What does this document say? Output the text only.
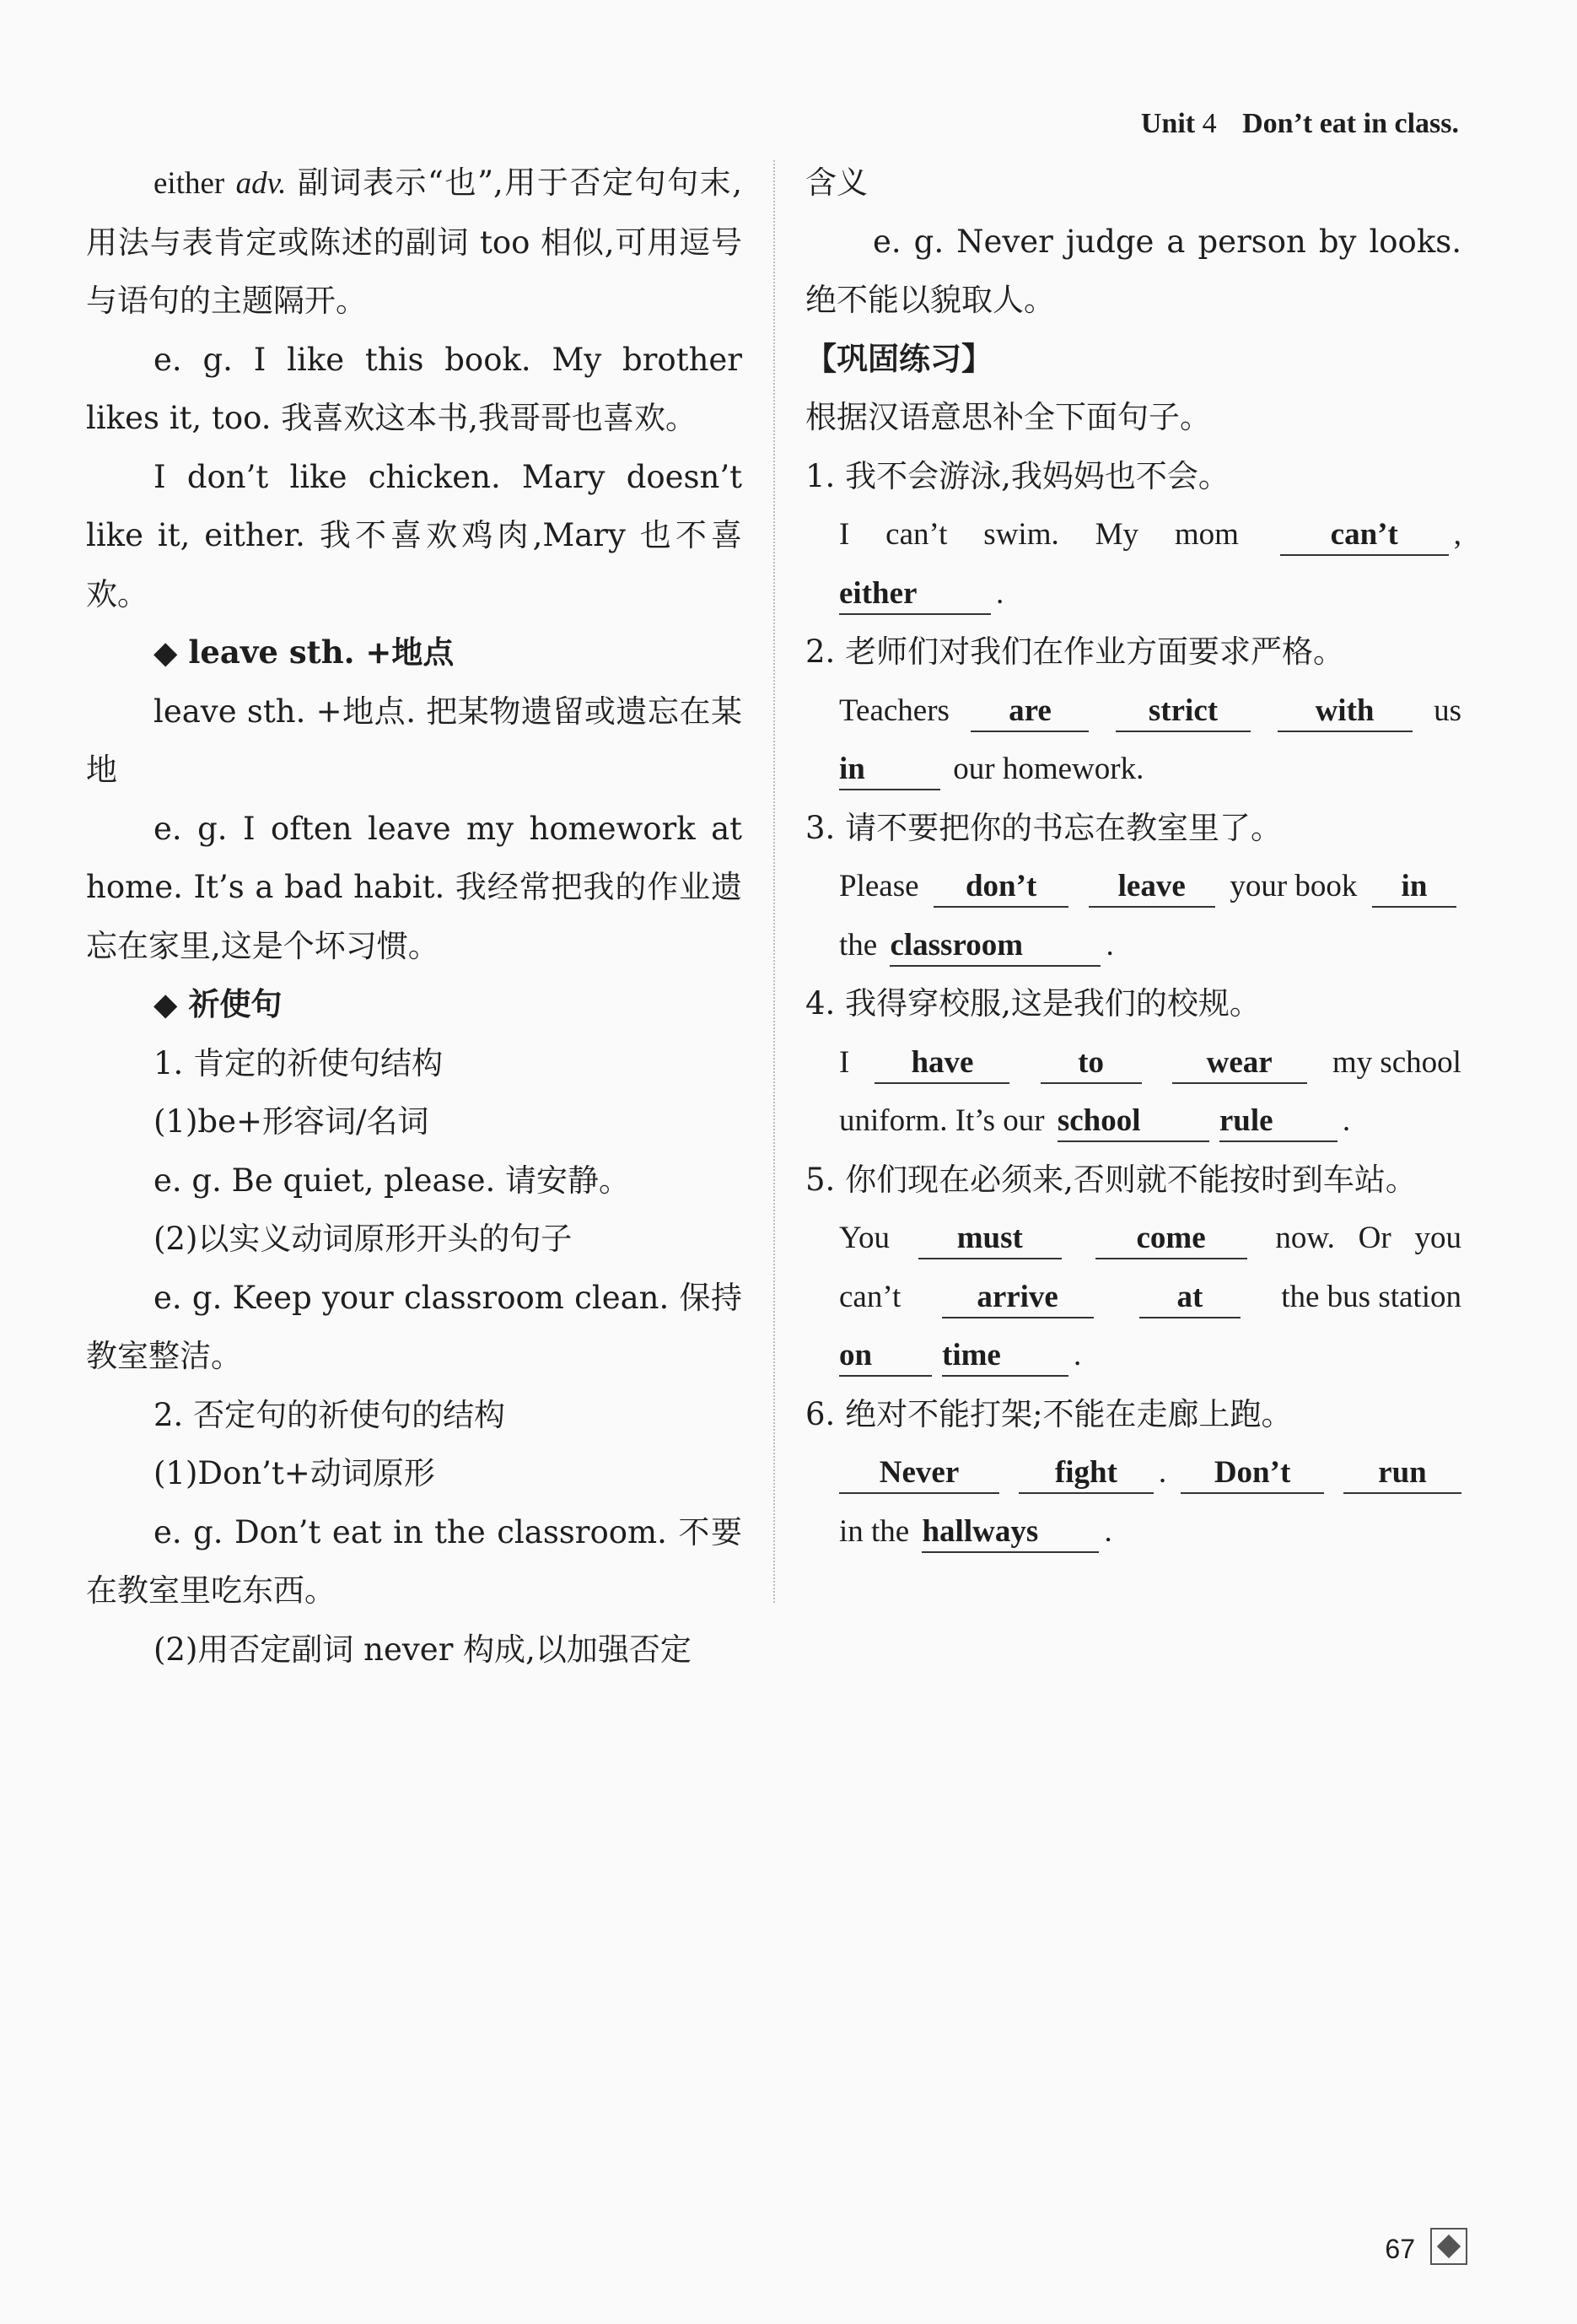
Unit 4 Don’t eat in class.

either adv. 副词表示“也”,用于否定句句末,用法与表肯定或陈述的副词 too 相似,可用逗号与语句的主题隔开。

e. g. I like this book. My brother likes it, too. 我喜欢这本书,我哥哥也喜欢。

I don’t like chicken. Mary doesn’t like it, either. 我不喜欢鸡肉,Mary 也不喜欢。

◆ leave sth. +地点

leave sth. +地点. 把某物遗留或遗忘在某地

e. g. I often leave my homework at home. It’s a bad habit. 我经常把我的作业遗忘在家里,这是个坏习惯。

◆ 祈使句

1. 肯定的祈使句结构

(1)be+形容词/名词

e. g. Be quiet, please. 请安静。

(2)以实义动词原形开头的句子

e. g. Keep your classroom clean. 保持教室整洁。

2. 否定句的祈使句的结构

(1)Don’t+动词原形

e. g. Don’t eat in the classroom. 不要在教室里吃东西。

(2)用否定副词 never 构成,以加强否定

含义

e. g. Never judge a person by looks. 绝不能以貌取人。

【巩固练习】

根据汉语意思补全下面句子。

1. 我不会游泳,我妈妈也不会。

I can’t swim. My mom	can’t ,

either	.

2. 老师们对我们在作业方面要求严格。

Teachers	are	strict	with	us

in	our homework.

3. 请不要把你的书忘在教室里了。

Please	don’t	leave	your book	in

the classroom	.

4. 我得穿校服,这是我们的校规。

I	have	to	wear	my school

uniform. It’s our school	rule .

5. 你们现在必须来,否则就不能按时到车站。

You	must	come	now. Or you
can’t	arrive	at	the bus station

on time .

6. 绝对不能打架;不能在走廊上跑。

Never	fight .	Don’t	run

in the hallways .

67
